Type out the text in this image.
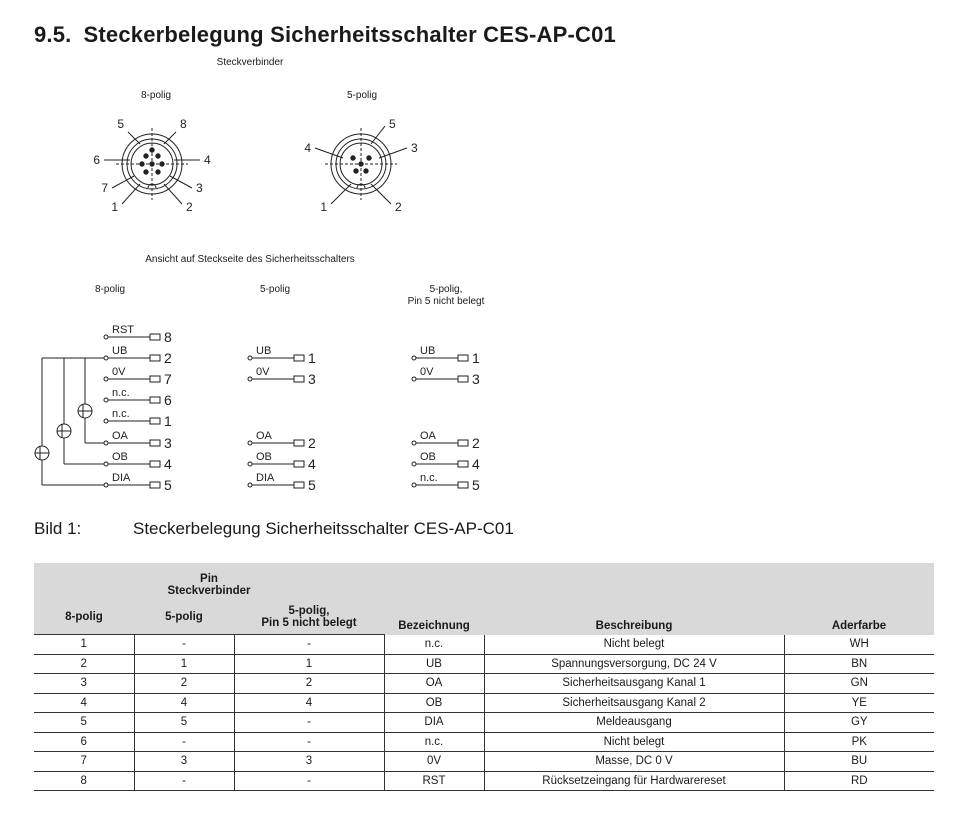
9.5. Steckerbelegung Sicherheitsschalter CES-AP-C01
Steckverbinder
8-polig	5-polig
Ansicht auf Steckseite des Sicherheitsschalters
8-polig	5-polig	5-polig,
Pin 5 nicht belegt
1	2
3
4
5
6
7
8
1	2
3
4
5
RST 8
UB	2
0V	7
n.c. 6
n.c. 1
OA	3
OB	4
DIA 5
UB	1
0V	3
OA	2
OB	4
DIA 5
UB	1
0V	3
OA	2
OB	4
n.c. 5
Bild 1:	Steckerbelegung Sicherheitsschalter CES-AP-C01
Pin
Steckverbinder			Bezeichnung	Beschreibung	Aderfarbe
8-polig	5-polig	5-polig,
Pin 5 nicht belegt			

1	-	-	n.c.	Nicht belegt	WH
2	1	1	UB	Spannungsversorgung, DC 24 V	BN
3	2	2	OA	Sicherheitsausgang Kanal 1	GN
4	4	4	OB	Sicherheitsausgang Kanal 2	YE
5	5	-	DIA	Meldeausgang	GY
6	-	-	n.c.	Nicht belegt	PK
7	3	3	0V	Masse, DC 0 V	BU
8	-	-	RST	Rücksetzeingang für Hardwarereset	RD
